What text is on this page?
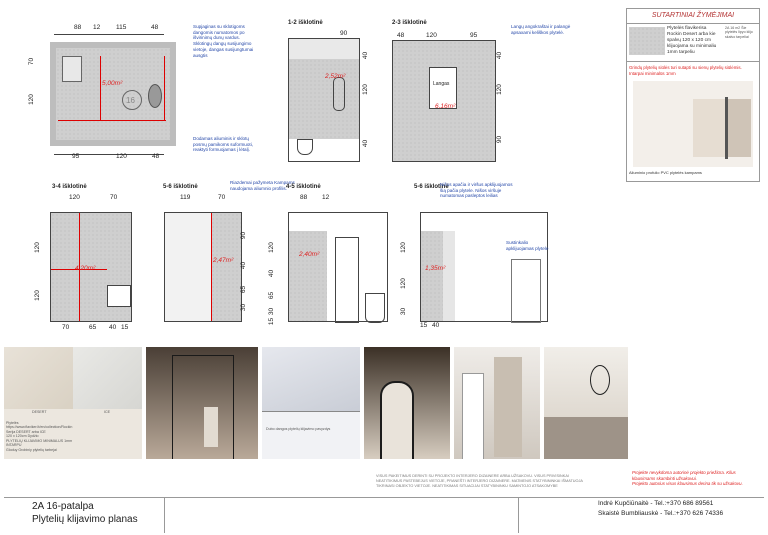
88 12 115	48
70
120	16
5,00m²
95	120	48
Supjaginas su sklotigoms dangomis numatomos po išvirinimų dunų vardus. Sklotingų dangų susijungimo vietoje, dangas susijungtumai ausgtis
Dodamas aliuminis ir sklotų posmų pamikoms suformuoti, reaktyti formuojamas į lėtalį.
1-2 išklotinė
90
2,52m²
40
120
40
2-3 išklotinė
48	120	95
Langas
6,16m²
40
120
90
Langų angokraštai ir palangė apsaxami keliškos plytelė.
3-4 išklotinė
120	70
120
120
4,20m²
70	65 40 15
5-6 išklotinė
119	70
2,47m²
90
40
65
30
Riazdemai pažymeta Kampams naudojama aliumnio profilis. 4-5 išklotinė
88 12
2,40m²
120
40
65
30
15
5-6 išklotinė
1,35m²
120
120
30
15 40
Nišos apačia ir viršus apklijuojamos šią pačia plytele. Nišos viršuje numatomas pasleptos leilias
Sustinkalio apklijuojamas plytele
SUTARTINIAI ŽYMĖJIMAI
Plytelės flavikerisa Rockin Desert arba kie spalvų 120 x 120 cm klijuojama su minimaliu 1mm tarpeliu
2A 16 m2 Šie plytelės lipyo klijo skalvo tarpeliai
Grindų plytelių siūlės turi sutapti su sienų plytelių siūlėmis. Intarpai minimalūs 1mm
Aliuminio profulio PVC plytelės kampams
DESERT	ICE
Plytelės
https://www.flaviker.lt/en/collection/Rockin
Serija DESERT arba ICE
120 x 120cm Dydžio
PLYTELIŲ KLIJAVIMO MINIMALUS 1mm
INTARPU
Gloduy Grobiniy plytelių tarbejai
Dubo dangos plytelių klijavimo pavyzdys
VISUS PAKEITIMUS DERINTI SU PROJEKTO INTERJERO DIZAINERE ARBA UŽSAKOVU. VISUS PRIVISINKAI
NEATITIKIMUS PASTEBEJUS VIETOJE, PRANEŠTI INTERJERO DIZAINERE. MATMENIS STATYBININKAI IŠMATUOJA
TIKRINASI OBJEKTO VIETOJE. NEATITIKIMAS SITUACIJAI STATYBININKU SAMINTOJO ATSAKOMYBE
Projekte nevykdoma autorinė projekto priežiūra. Kilus
klausimams skambinti užsakovui.
Projekto autorius visus klausimus derina tik su užsakovu.
2A 16-patalpa
Plytelių klijavimo planas
Indrė Kupčiūnaitė - Tel.:+370 686 89561
Skaistė Bumbliauskė - Tel.:+370 626 74336
